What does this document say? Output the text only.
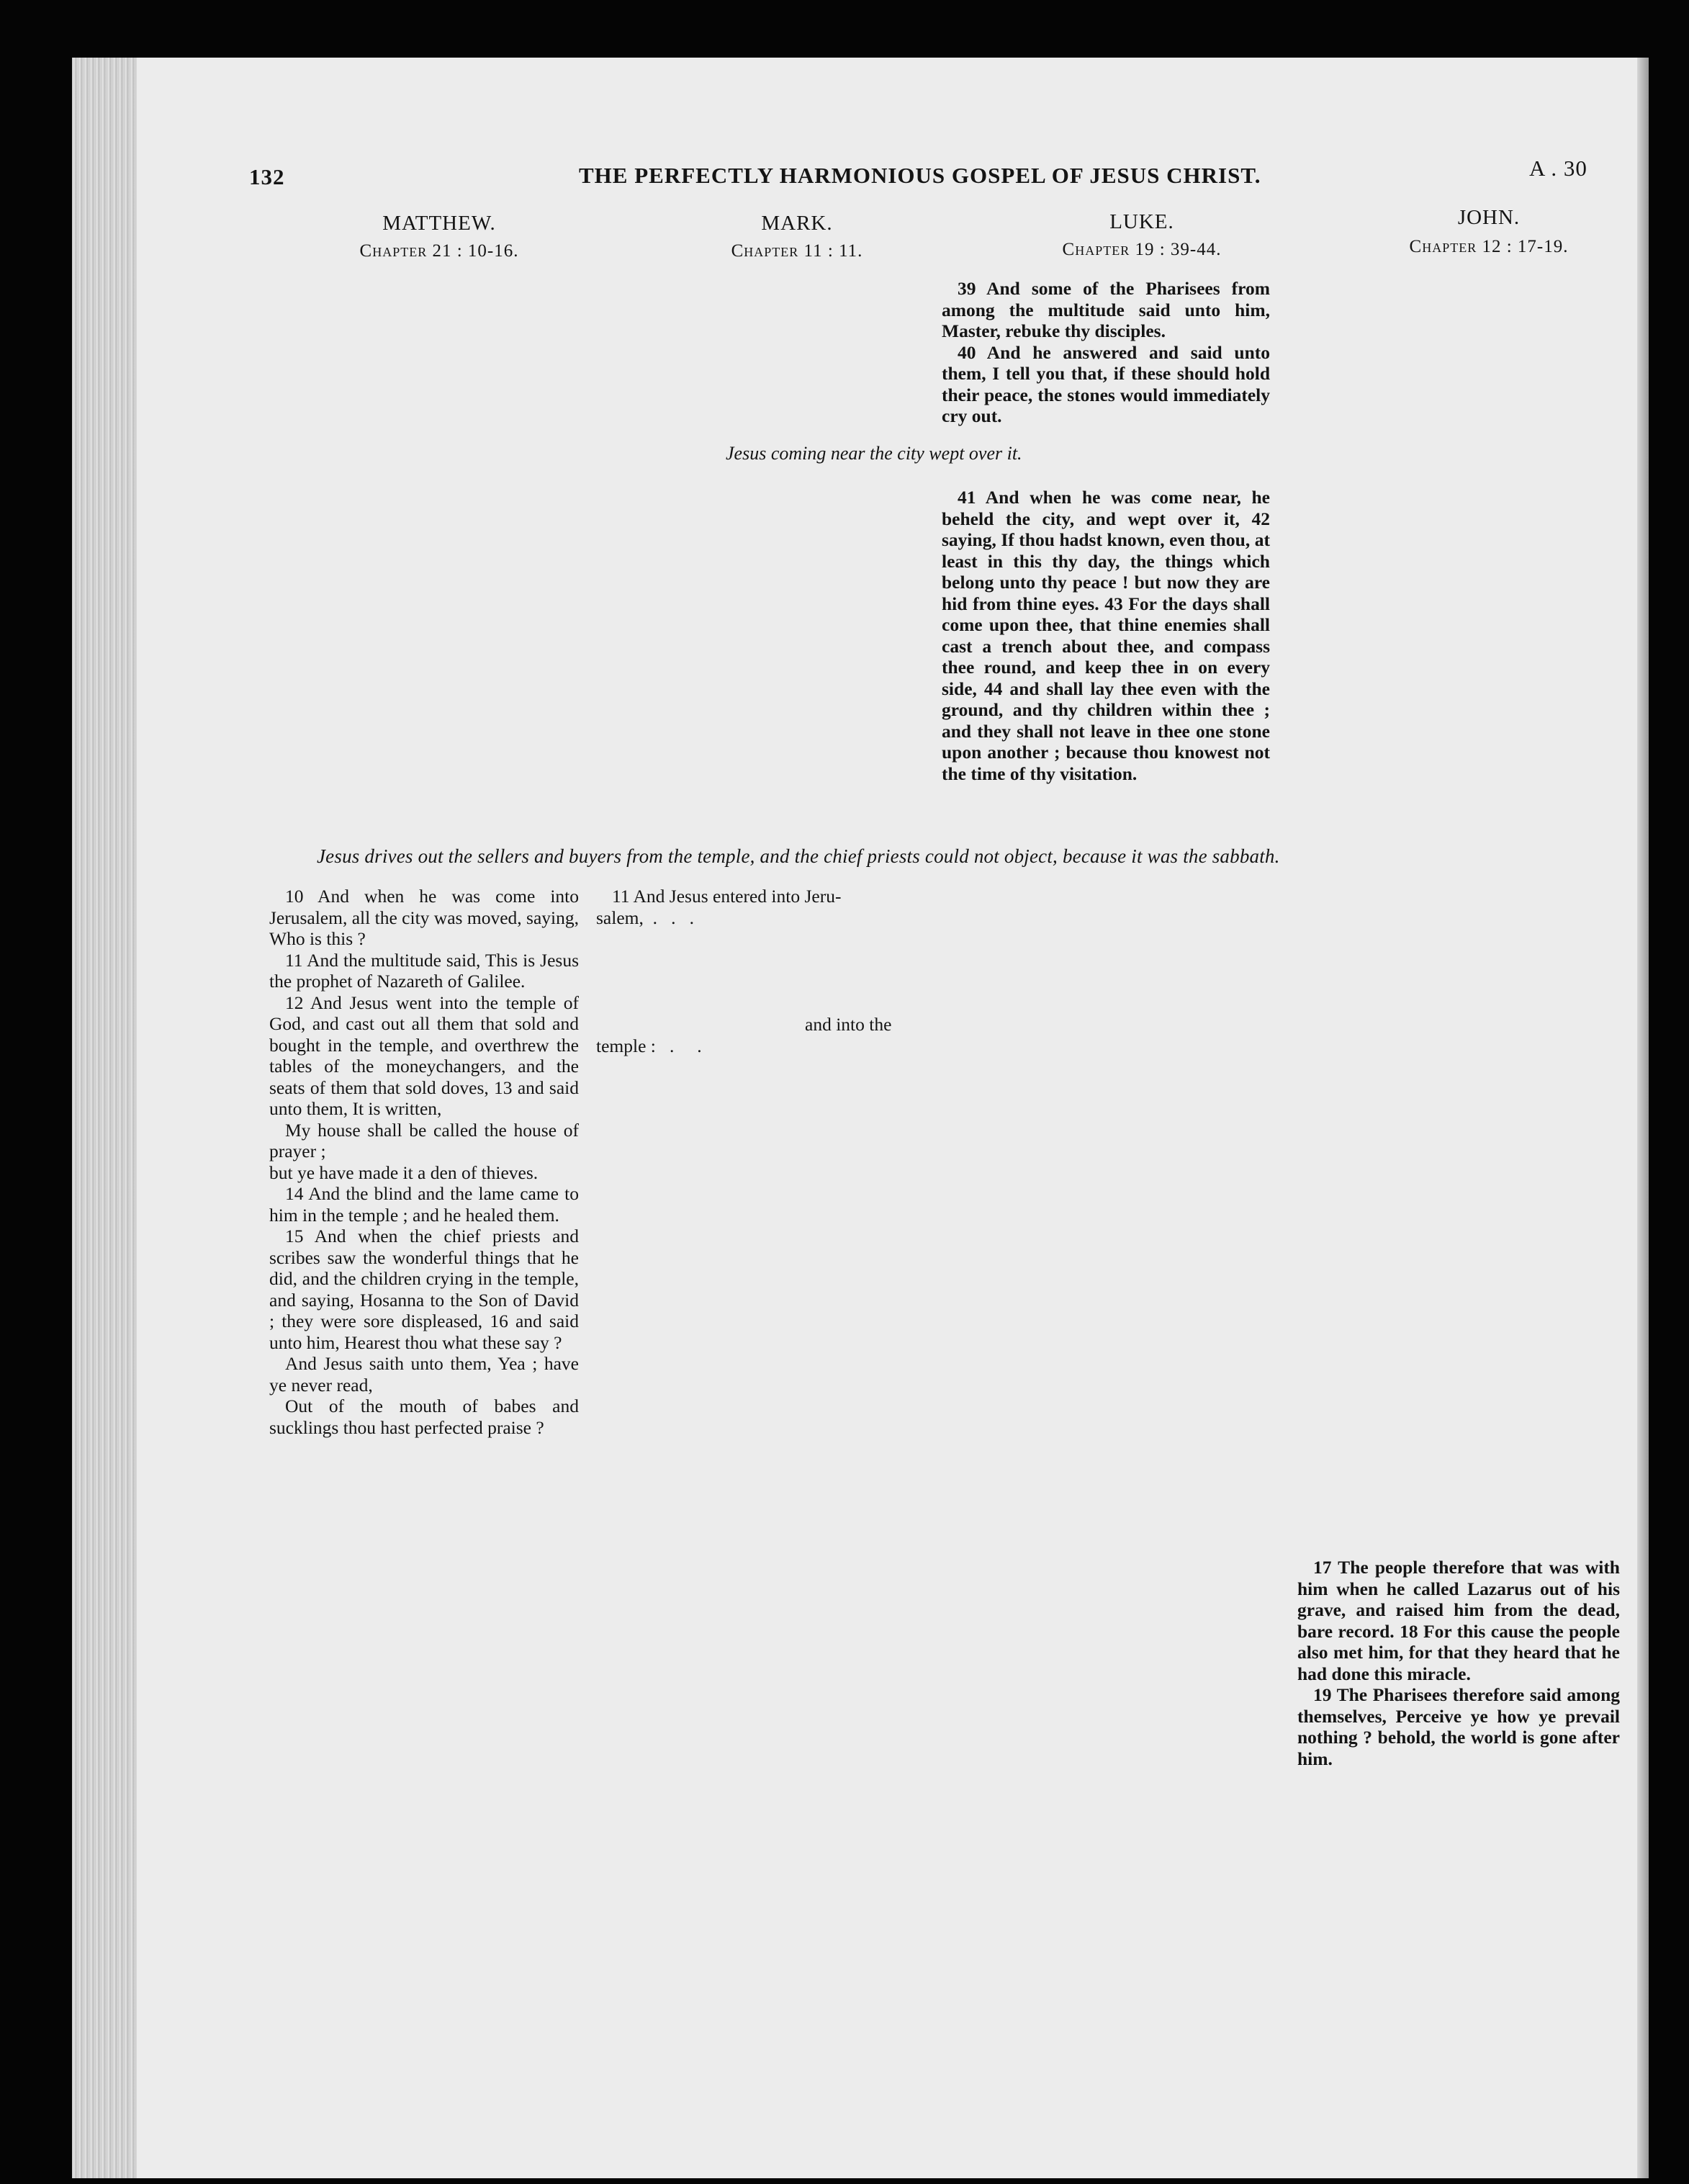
132	THE PERFECTLY HARMONIOUS GOSPEL OF JESUS CHRIST.	A . 30
MATTHEW.
Chapter 21 : 10-16.
MARK.
Chapter 11 : 11.
LUKE.
Chapter 19 : 39-44.
JOHN.
Chapter 12 : 17-19.

39 And some of the Pharisees from among the multitude said unto him, Master, rebuke thy disciples.

40 And he answered and said unto them, I tell you that, if these should hold their peace, the stones would immediately cry out.

Jesus coming near the city wept over it.

41 And when he was come near, he beheld the city, and wept over it, 42 saying, If thou hadst known, even thou, at least in this thy day, the things which belong unto thy peace ! but now they are hid from thine eyes. 43 For the days shall come upon thee, that thine enemies shall cast a trench about thee, and compass thee round, and keep thee in on every side, 44 and shall lay thee even with the ground, and thy children within thee ; and they shall not leave in thee one stone upon another ; because thou knowest not the time of thy visitation.

Jesus drives out the sellers and buyers from the temple, and the chief priests could not object, because it was the sabbath.

10 And when he was come into Jerusalem, all the city was moved, saying, Who is this ?

11 And the multitude said, This is Jesus the prophet of Nazareth of Galilee.

12 And Jesus went into the temple of God, and cast out all them that sold and bought in the temple, and overthrew the tables of the moneychangers, and the seats of them that sold doves, 13 and said unto them, It is written,

My house shall be called the house of prayer ;

but ye have made it a den of thieves.

14 And the blind and the lame came to him in the temple ; and he healed them.

15 And when the chief priests and scribes saw the wonderful things that he did, and the children crying in the temple, and saying, Hosanna to the Son of David ; they were sore displeased, 16 and said unto him, Hearest thou what these say ?

And Jesus saith unto them, Yea ; have ye never read,

Out of the mouth of babes and sucklings thou hast perfected praise ?

11 And Jesus entered into Jeru-
salem,  .   .   .
and into the
temple :   .     .

17 The people therefore that was with him when he called Lazarus out of his grave, and raised him from the dead, bare record. 18 For this cause the people also met him, for that they heard that he had done this miracle.

19 The Pharisees therefore said among themselves, Perceive ye how ye prevail nothing ? behold, the world is gone after him.
